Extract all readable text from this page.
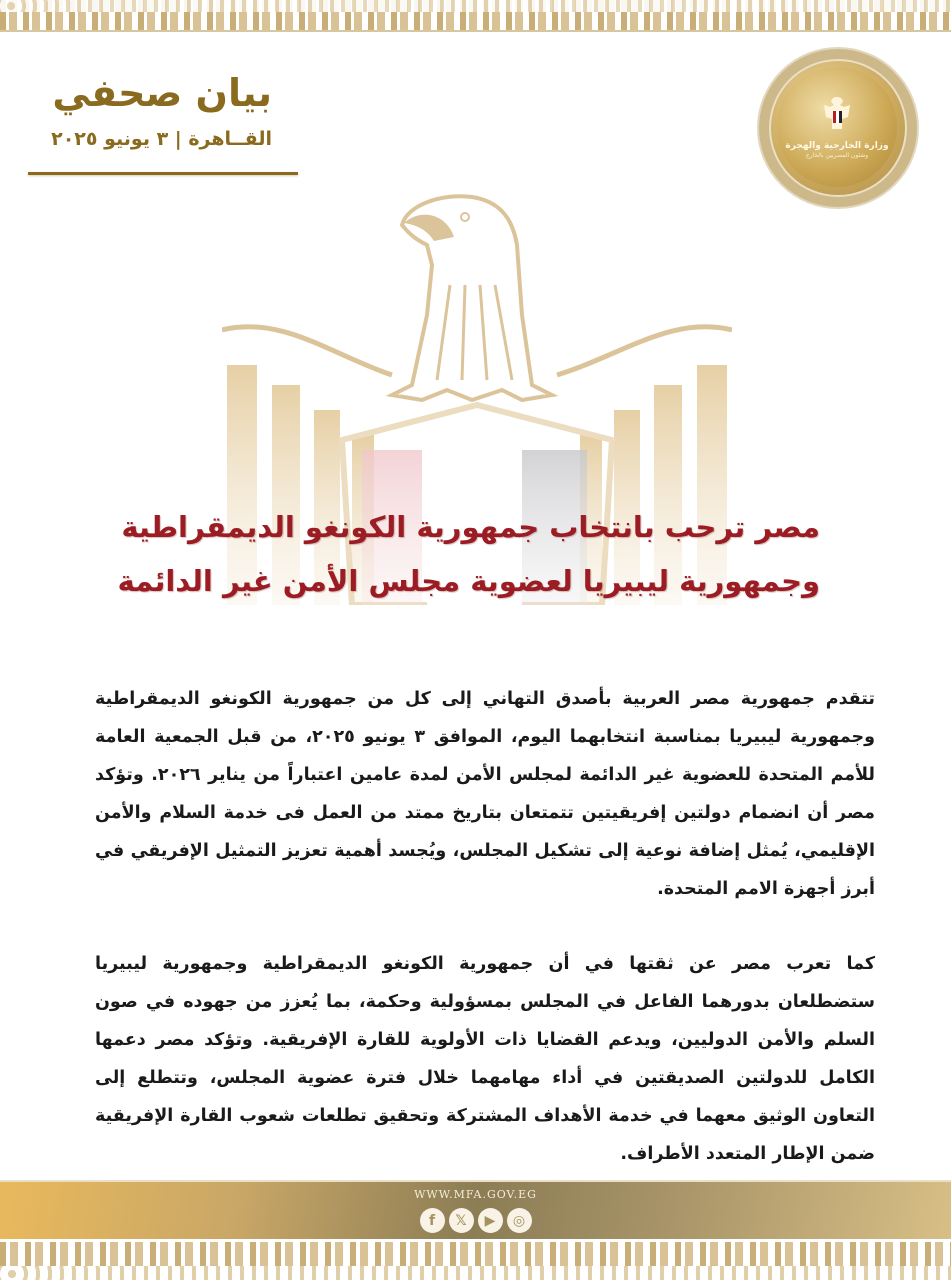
بيان صحفي
القــاهرة | ٣ يونيو ٢٠٢٥	وزارة الخارجية والهجرة
وشئون المصريين بالخارج
مصر ترحب بانتخاب جمهورية الكونغو الديمقراطية
وجمهورية ليبيريا لعضوية مجلس الأمن غير الدائمة

تتقدم جمهورية مصر العربية بأصدق التهاني إلى كل من جمهورية الكونغو الديمقراطية وجمهورية ليبيريا بمناسبة انتخابهما اليوم، الموافق ٣ يونيو ٢٠٢٥، من قبل الجمعية العامة للأمم المتحدة للعضوية غير الدائمة لمجلس الأمن لمدة عامين اعتباراً من يناير ٢٠٢٦. وتؤكد مصر أن انضمام دولتين إفريقيتين تتمتعان بتاريخ ممتد من العمل فى خدمة السلام والأمن الإقليمي، يُمثل إضافة نوعية إلى تشكيل المجلس، ويُجسد أهمية تعزيز التمثيل الإفريقي في أبرز أجهزة الامم المتحدة.

كما تعرب مصر عن ثقتها في أن جمهورية الكونغو الديمقراطية وجمهورية ليبيريا ستضطلعان بدورهما الفاعل في المجلس بمسؤولية وحكمة، بما يُعزز من جهوده في صون السلم والأمن الدوليين، ويدعم القضايا ذات الأولوية للقارة الإفريقية. وتؤكد مصر دعمها الكامل للدولتين الصديقتين في أداء مهامهما خلال فترة عضوية المجلس، وتتطلع إلى التعاون الوثيق معهما في خدمة الأهداف المشتركة وتحقيق تطلعات شعوب القارة الإفريقية ضمن الإطار المتعدد الأطراف.

WWW.MFA.GOV.EG
f	𝕏	▶	◎
